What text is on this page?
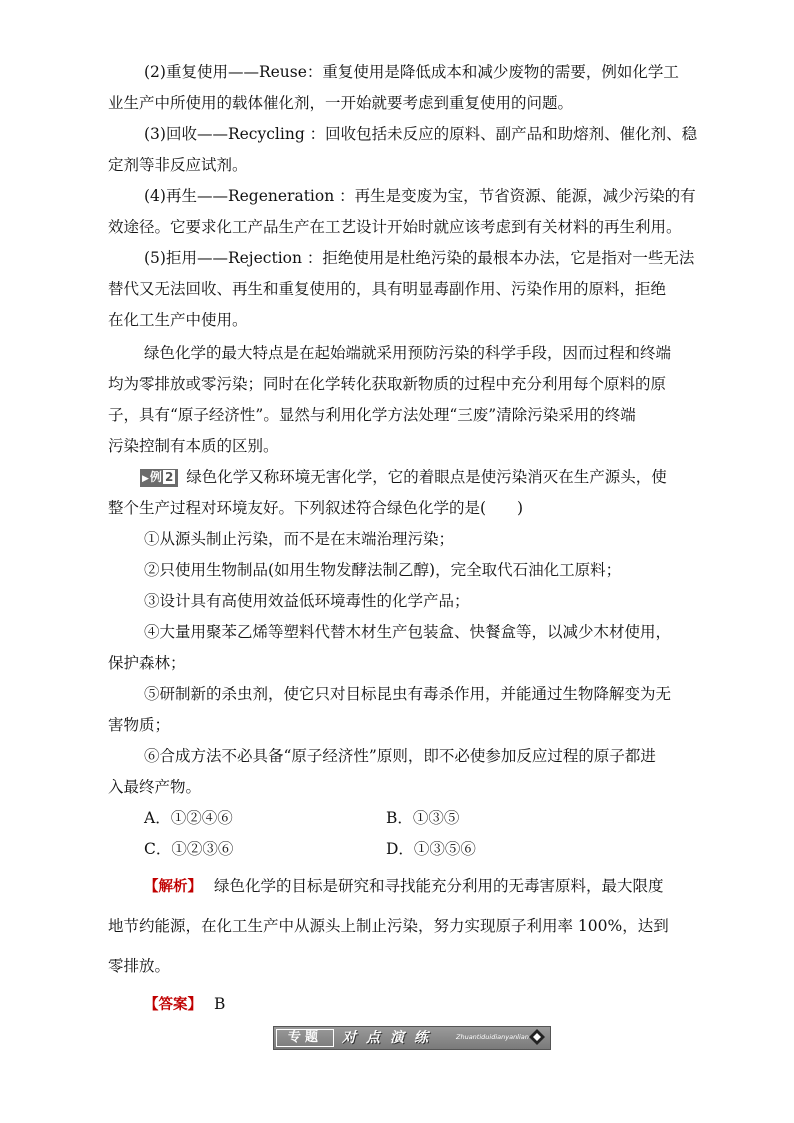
(2)重复使用——Reuse：重复使用是降低成本和减少废物的需要，例如化学工
业生产中所使用的载体催化剂，一开始就要考虑到重复使用的问题。
(3)回收——Recycling ：回收包括未反应的原料、副产品和助熔剂、催化剂、稳
定剂等非反应试剂。
(4)再生——Regeneration ：再生是变废为宝，节省资源、能源，减少污染的有
效途径。它要求化工产品生产在工艺设计开始时就应该考虑到有关材料的再生利用。
(5)拒用——Rejection ：拒绝使用是杜绝污染的最根本办法，它是指对一些无法
替代又无法回收、再生和重复使用的，具有明显毒副作用、污染作用的原料，拒绝
在化工生产中使用。
绿色化学的最大特点是在起始端就采用预防污染的科学手段，因而过程和终端
均为零排放或零污染；同时在化学转化获取新物质的过程中充分利用每个原料的原
子，具有“原子经济性”。显然与利用化学方法处理“三废”清除污染采用的终端
污染控制有本质的区别。
▶例 2 绿色化学又称环境无害化学，它的着眼点是使污染消灭在生产源头，使
整个生产过程对环境友好。下列叙述符合绿色化学的是(　　)
①从源头制止污染，而不是在末端治理污染；
②只使用生物制品(如用生物发酵法制乙醇)，完全取代石油化工原料；
③设计具有高使用效益低环境毒性的化学产品；
④大量用聚苯乙烯等塑料代替木材生产包装盒、快餐盒等，以减少木材使用，
保护森林；
⑤研制新的杀虫剂，使它只对目标昆虫有毒杀作用，并能通过生物降解变为无
害物质；
⑥合成方法不必具备“原子经济性”原则，即不必使参加反应过程的原子都进
入最终产物。
A．①②④⑥	B．①③⑤
C．①②③⑥	D．①③⑤⑥
【解析】 绿色化学的目标是研究和寻找能充分利用的无毒害原料，最大限度
地节约能源，在化工生产中从源头上制止污染，努力实现原子利用率 100%，达到
零排放。
【答案】 B
专题	对点演练	Zhuantiduidianyanlian
